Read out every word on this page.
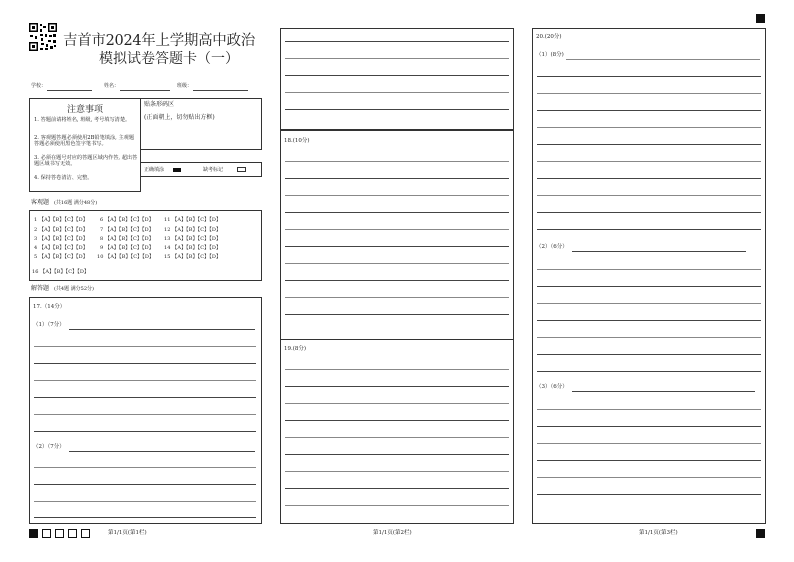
吉首市2024年上学期高中政治
模拟试卷答题卡（一）
学校：	姓名：	班级：
贴条形码区
(正面朝上，切勿贴出方框)
正确填涂	缺考标记
注意事项
1. 答题前请将姓名, 班级, 考号填写清楚。
2. 客观题答题必须使用2B铅笔填涂, 主观题答题必须使用黑色签字笔书写。
3. 必须在题号对应的答题区域内作答, 超出答题区域书写无效。
4. 保持答卷清洁、完整。
客观题 (共16题 满分48分)
1 【A】【B】【C】【D】
2 【A】【B】【C】【D】
3 【A】【B】【C】【D】
4 【A】【B】【C】【D】
5 【A】【B】【C】【D】
6 【A】【B】【C】【D】
7 【A】【B】【C】【D】
8 【A】【B】【C】【D】
9 【A】【B】【C】【D】
10 【A】【B】【C】【D】
11 【A】【B】【C】【D】
12 【A】【B】【C】【D】
13 【A】【B】【C】【D】
14 【A】【B】【C】【D】
15 【A】【B】【C】【D】
16 【A】【B】【C】【D】
解答题 (共4题 满分52分)
17.（14分）
（1）（7分）
（2）（7分）
18.(10分)
19.(8分)
20.(20分)
（1）(8分)
（2）（6分）
（3）（6分）
第1/1页(第1栏)	第1/1页(第2栏)	第1/1页(第3栏)
